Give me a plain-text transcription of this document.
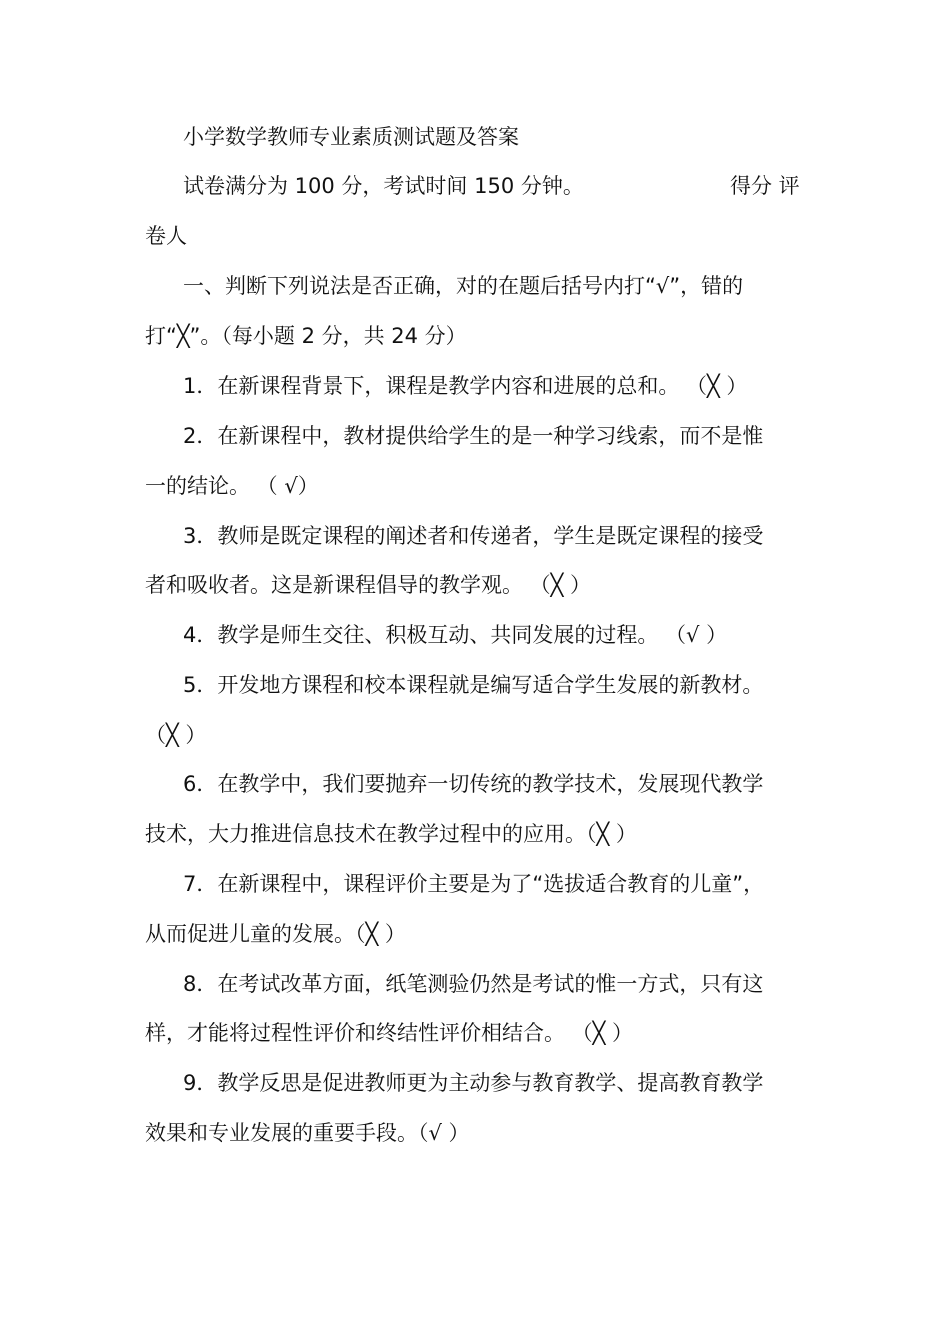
小学数学教师专业素质测试题及答案
试卷满分为 100 分，考试时间 150 分钟。	得分 评
卷人
一、判断下列说法是否正确，对的在题后括号内打“√”，错的
打“╳”。（每小题 2 分，共 24 分）
1．在新课程背景下，课程是教学内容和进展的总和。 （╳ ）
2．在新课程中，教材提供给学生的是一种学习线索，而不是惟
一的结论。 （ √）
3．教师是既定课程的阐述者和传递者，学生是既定课程的接受
者和吸收者。这是新课程倡导的教学观。 （╳ ）
4．教学是师生交往、积极互动、共同发展的过程。 （√ ）
5．开发地方课程和校本课程就是编写适合学生发展的新教材。
（╳ ）
6．在教学中，我们要抛弃一切传统的教学技术，发展现代教学
技术，大力推进信息技术在教学过程中的应用。（╳ ）
7．在新课程中，课程评价主要是为了“选拔适合教育的儿童”，
从而促进儿童的发展。（╳ ）
8．在考试改革方面，纸笔测验仍然是考试的惟一方式，只有这
样，才能将过程性评价和终结性评价相结合。 （╳ ）
9．教学反思是促进教师更为主动参与教育教学、提高教育教学
效果和专业发展的重要手段。（√ ）
